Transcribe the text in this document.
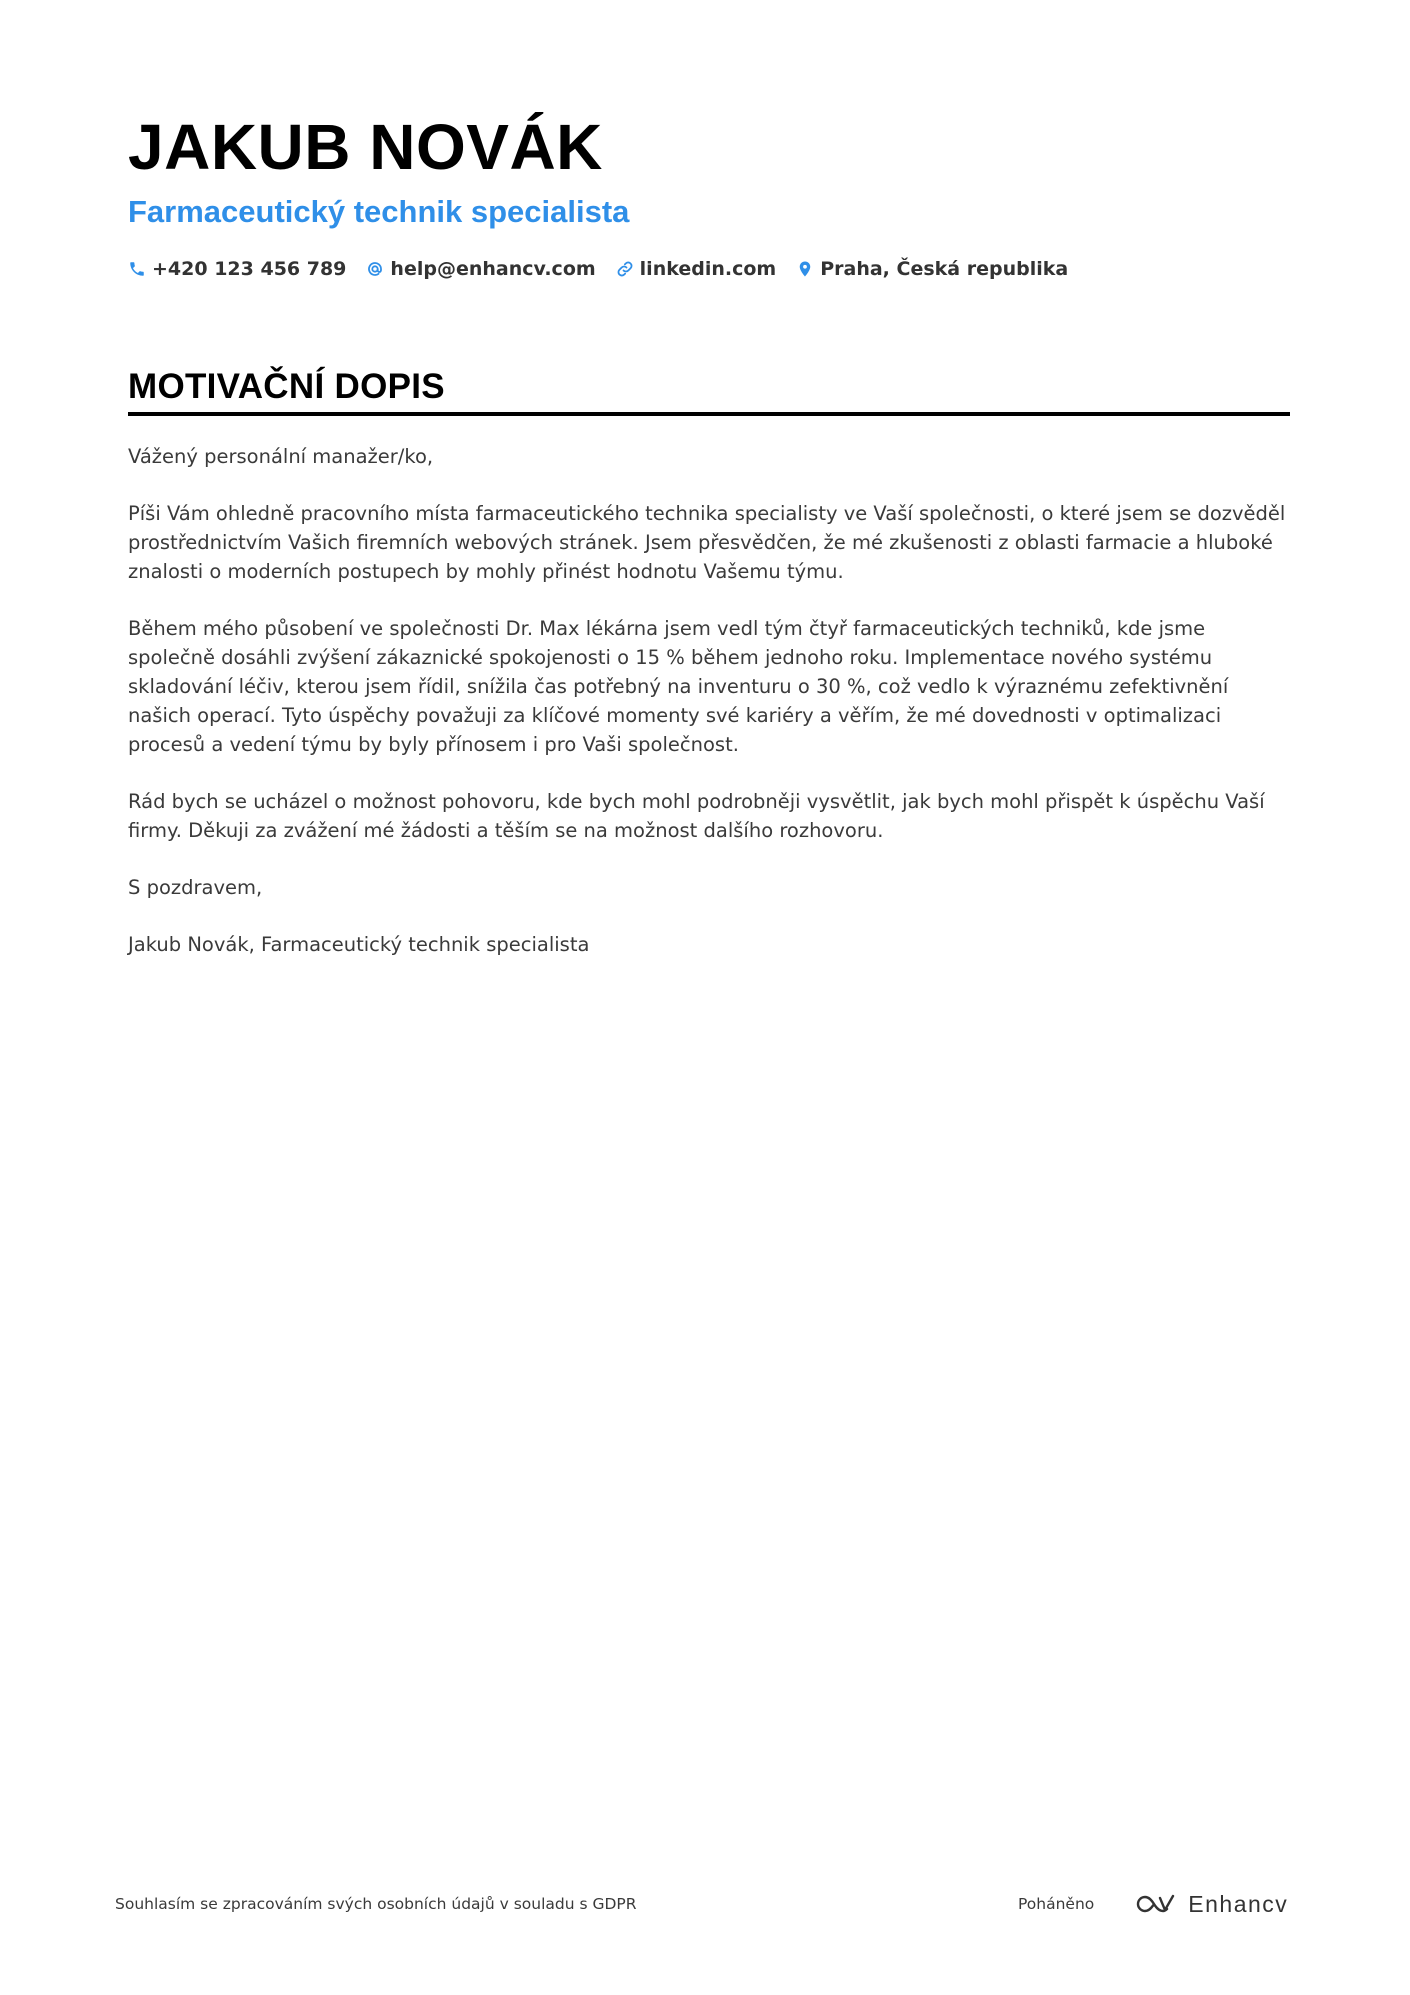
JAKUB NOVÁK
Farmaceutický technik specialista
+420 123 456 789 help@enhancv.com linkedin.com Praha, Česká republika
MOTIVAČNÍ DOPIS

Vážený personální manažer/ko,

Píši Vám ohledně pracovního místa farmaceutického technika specialisty ve Vaší společnosti, o které jsem se dozvěděl prostřednictvím Vašich firemních webových stránek. Jsem přesvědčen, že mé zkušenosti z oblasti farmacie a hluboké znalosti o moderních postupech by mohly přinést hodnotu Vašemu týmu.

Během mého působení ve společnosti Dr. Max lékárna jsem vedl tým čtyř farmaceutických techniků, kde jsme společně dosáhli zvýšení zákaznické spokojenosti o 15 % během jednoho roku. Implementace nového systému skladování léčiv, kterou jsem řídil, snížila čas potřebný na inventuru o 30 %, což vedlo k výraznému zefektivnění našich operací. Tyto úspěchy považuji za klíčové momenty své kariéry a věřím, že mé dovednosti v optimalizaci procesů a vedení týmu by byly přínosem i pro Vaši společnost.

Rád bych se ucházel o možnost pohovoru, kde bych mohl podrobněji vysvětlit, jak bych mohl přispět k úspěchu Vaší firmy. Děkuji za zvážení mé žádosti a těším se na možnost dalšího rozhovoru.

S pozdravem,

Jakub Novák, Farmaceutický technik specialista

Souhlasím se zpracováním svých osobních údajů v souladu s GDPR	Poháněno	Enhancv
